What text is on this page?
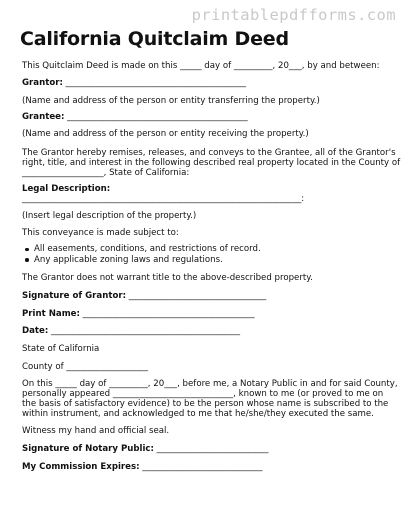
printablepdfforms.com
California Quitclaim Deed
This Quitclaim Deed is made on this _____ day of _________, 20___, by and between:
Grantor: __________________________________________
(Name and address of the person or entity transferring the property.)
Grantee: __________________________________________
(Name and address of the person or entity receiving the property.)
The Grantor hereby remises, releases, and conveys to the Grantee, all of the Grantor's
right, title, and interest in the following described real property located in the County of
___________________, State of California:
Legal Description:
_________________________________________________________________:
(Insert legal description of the property.)
This conveyance is made subject to:
All easements, conditions, and restrictions of record.
Any applicable zoning laws and regulations.
The Grantor does not warrant title to the above-described property.
Signature of Grantor: ________________________________
Print Name: ________________________________________
Date: ____________________________________________
State of California
County of ___________________
On this _____ day of _________, 20___, before me, a Notary Public in and for said County,
personally appeared ____________________________, known to me (or proved to me on
the basis of satisfactory evidence) to be the person whose name is subscribed to the
within instrument, and acknowledged to me that he/she/they executed the same.
Witness my hand and official seal.
Signature of Notary Public: __________________________
My Commission Expires: ____________________________
